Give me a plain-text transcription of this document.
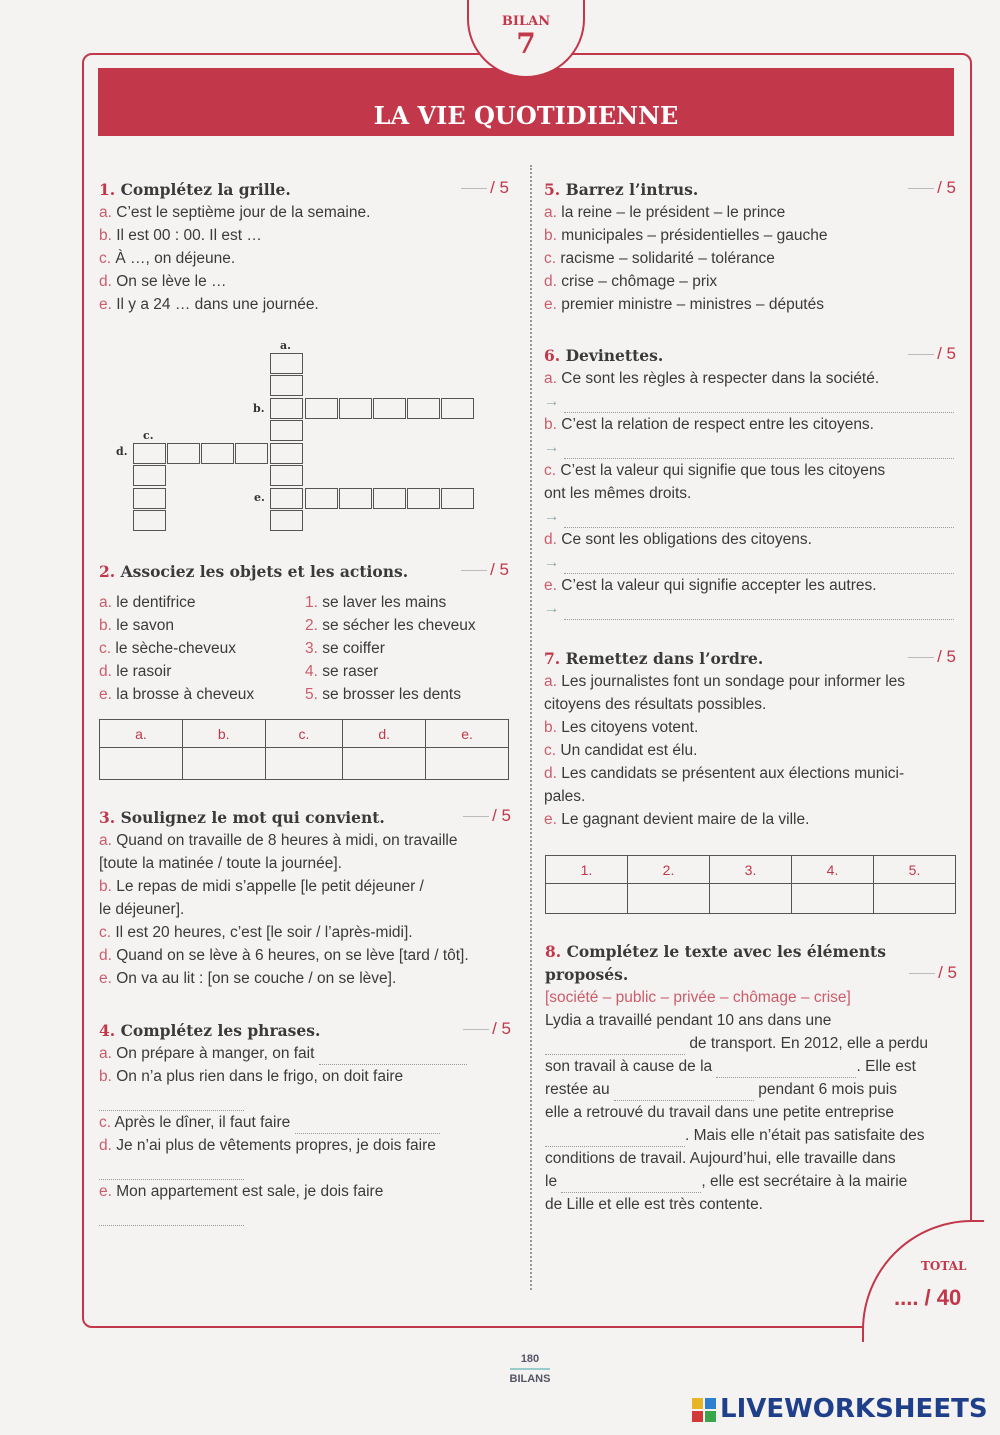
BILAN
7
LA VIE QUOTIDIENNE
1. Complétez la grille.	/ 5
a. C’est le septième jour de la semaine.
b. Il est 00 : 00. Il est …
c. À …, on déjeune.
d. On se lève le …
e. Il y a 24 … dans une journée.
a.
b.
c.
d.
e.
2. Associez les objets et les actions.	/ 5
a. le dentifrice
b. le savon
c. le sèche-cheveux
d. le rasoir
e. la brosse à cheveux
1. se laver les mains
2. se sécher les cheveux
3. se coiffer
4. se raser
5. se brosser les dents
a.	b.	c.	d.	e.

3. Soulignez le mot qui convient.	/ 5
a. Quand on travaille de 8 heures à midi, on travaille
[toute la matinée / toute la journée].
b. Le repas de midi s’appelle [le petit déjeuner /
le déjeuner].
c. Il est 20 heures, c’est [le soir / l’après-midi].
d. Quand on se lève à 6 heures, on se lève [tard / tôt].
e. On va au lit : [on se couche / on se lève].
4. Complétez les phrases.	/ 5
a. On prépare à manger, on fait
b. On n’a plus rien dans le frigo, on doit faire
c. Après le dîner, il faut faire
d. Je n’ai plus de vêtements propres, je dois faire
e. Mon appartement est sale, je dois faire
5. Barrez l’intrus.	/ 5
a. la reine – le président – le prince
b. municipales – présidentielles – gauche
c. racisme – solidarité – tolérance
d. crise – chômage – prix
e. premier ministre – ministres – députés
6. Devinettes.	/ 5
a. Ce sont les règles à respecter dans la société.
→
b. C’est la relation de respect entre les citoyens.
→
c. C’est la valeur qui signifie que tous les citoyens
ont les mêmes droits.
→
d. Ce sont les obligations des citoyens.
→
e. C’est la valeur qui signifie accepter les autres.
→
7. Remettez dans l’ordre.	/ 5
a. Les journalistes font un sondage pour informer les
citoyens des résultats possibles.
b. Les citoyens votent.
c. Un candidat est élu.
d. Les candidats se présentent aux élections munici-
pales.
e. Le gagnant devient maire de la ville.
1.	2.	3.	4.	5.

8. Complétez le texte avec les éléments
proposés.	/ 5
[société – public – privée – chômage – crise]
Lydia a travaillé pendant 10 ans dans une
de transport. En 2012, elle a perdu
son travail à cause de la	. Elle est
restée au	pendant 6 mois puis
elle a retrouvé du travail dans une petite entreprise
. Mais elle n’était pas satisfaite des
conditions de travail. Aujourd’hui, elle travaille dans
le	, elle est secrétaire à la mairie
de Lille et elle est très contente.
TOTAL
.... / 40
180
BILANS
LIVEWORKSHEETS
